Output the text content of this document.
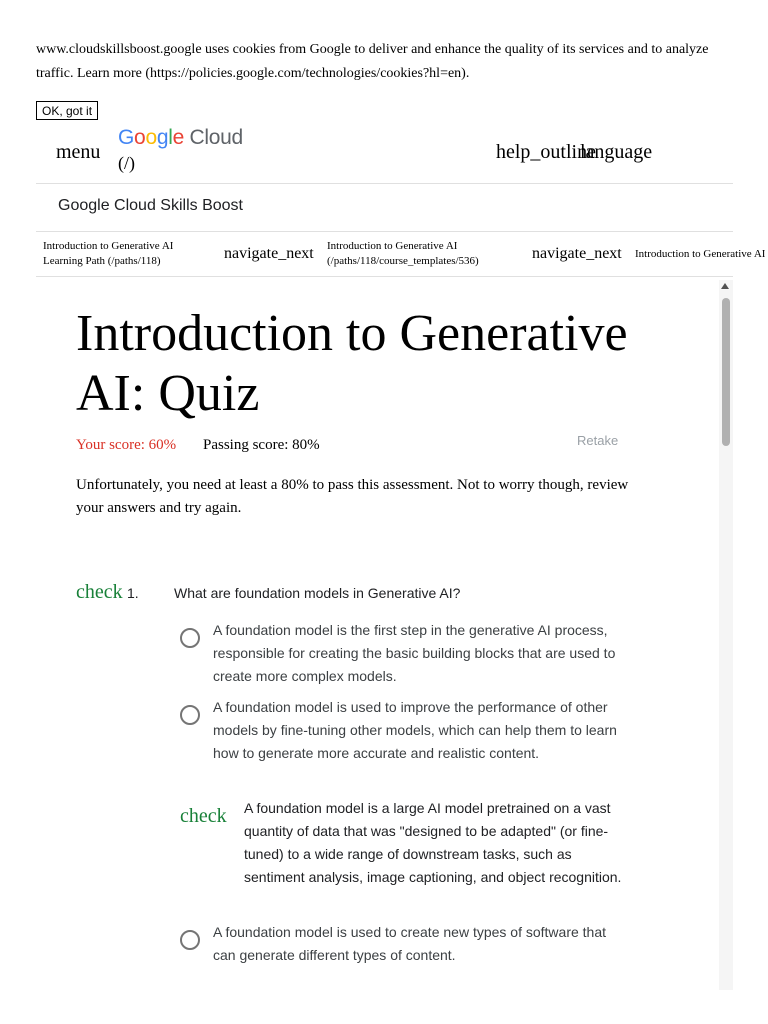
www.cloudskillsboost.google uses cookies from Google to deliver and enhance the quality of its services and to analyze traffic. Learn more (https://policies.google.com/technologies/cookies?hl=en).
OK, got it
menu
Google Cloud
(/)	help_outline
language
Google Cloud Skills Boost
Introduction to Generative AI
Learning Path (/paths/118)	navigate_next Introduction to Generative AI
(/paths/118/course_templates/536)	navigate_next Introduction to Generative AI
Introduction to Generative AI: Quiz
Your score: 60% Passing score: 80%	Retake

Unfortunately, you need at least a 80% to pass this assessment. Not to worry though, review your answers and try again.

check 1.	What are foundation models in Generative AI?
A foundation model is the first step in the generative AI process, responsible for creating the basic building blocks that are used to create more complex models.
A foundation model is used to improve the performance of other models by fine-tuning other models, which can help them to learn how to generate more accurate and realistic content.
check A foundation model is a large AI model pretrained on a vast quantity of data that was "designed to be adapted" (or fine-tuned) to a wide range of downstream tasks, such as sentiment analysis, image captioning, and object recognition.
A foundation model is used to create new types of software that can generate different types of content.
